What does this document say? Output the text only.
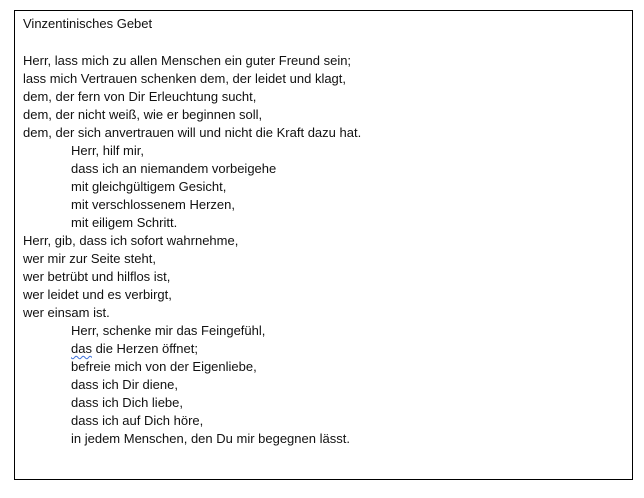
Vinzentinisches Gebet
Herr, lass mich zu allen Menschen ein guter Freund sein;
lass mich Vertrauen schenken dem, der leidet und klagt,
dem, der fern von Dir Erleuchtung sucht,
dem, der nicht weiß, wie er beginnen soll,
dem, der sich anvertrauen will und nicht die Kraft dazu hat.
Herr, hilf mir,
dass ich an niemandem vorbeigehe
mit gleichgültigem Gesicht,
mit verschlossenem Herzen,
mit eiligem Schritt.
Herr, gib, dass ich sofort wahrnehme,
wer mir zur Seite steht,
wer betrübt und hilflos ist,
wer leidet und es verbirgt,
wer einsam ist.
Herr, schenke mir das Feingefühl,
das die Herzen öffnet;
befreie mich von der Eigenliebe,
dass ich Dir diene,
dass ich Dich liebe,
dass ich auf Dich höre,
in jedem Menschen, den Du mir begegnen lässt.
